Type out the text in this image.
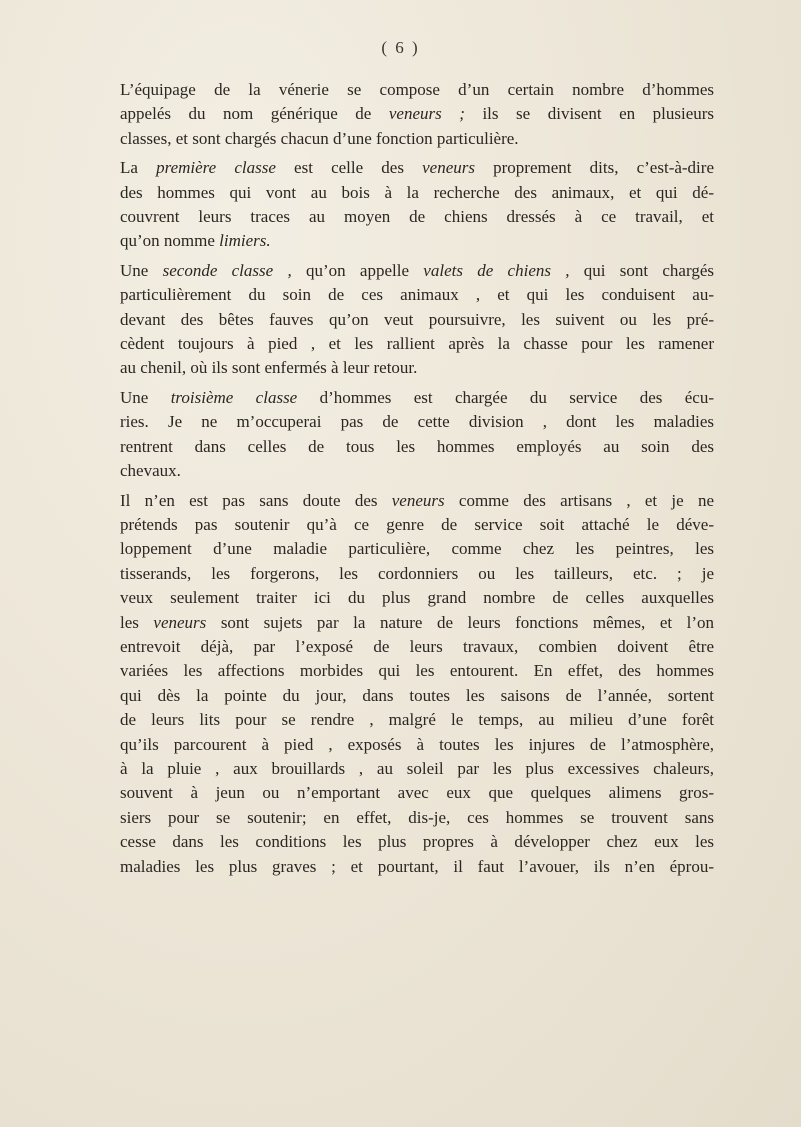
( 6 )
L’équipage de la vénerie se compose d’un certain nombre d’hommes
appelés du nom générique de veneurs ; ils se divisent en plusieurs
classes, et sont chargés chacun d’une fonction particulière.
La première classe est celle des veneurs proprement dits, c’est-à-dire
des hommes qui vont au bois à la recherche des animaux, et qui dé-
couvrent leurs traces au moyen de chiens dressés à ce travail, et
qu’on nomme limiers.
Une seconde classe , qu’on appelle valets de chiens , qui sont chargés
particulièrement du soin de ces animaux , et qui les conduisent au-
devant des bêtes fauves qu’on veut poursuivre, les suivent ou les pré-
cèdent toujours à pied , et les rallient après la chasse pour les ramener
au chenil, où ils sont enfermés à leur retour.
Une troisième classe d’hommes est chargée du service des écu-
ries. Je ne m’occuperai pas de cette division , dont les maladies
rentrent dans celles de tous les hommes employés au soin des
chevaux.
Il n’en est pas sans doute des veneurs comme des artisans , et je ne
prétends pas soutenir qu’à ce genre de service soit attaché le déve-
loppement d’une maladie particulière, comme chez les peintres, les
tisserands, les forgerons, les cordonniers ou les tailleurs, etc. ; je
veux seulement traiter ici du plus grand nombre de celles auxquelles
les veneurs sont sujets par la nature de leurs fonctions mêmes, et l’on
entrevoit déjà, par l’exposé de leurs travaux, combien doivent être
variées les affections morbides qui les entourent. En effet, des hommes
qui dès la pointe du jour, dans toutes les saisons de l’année, sortent
de leurs lits pour se rendre , malgré le temps, au milieu d’une forêt
qu’ils parcourent à pied , exposés à toutes les injures de l’atmosphère,
à la pluie , aux brouillards , au soleil par les plus excessives chaleurs,
souvent à jeun ou n’emportant avec eux que quelques alimens gros-
siers pour se soutenir; en effet, dis-je, ces hommes se trouvent sans
cesse dans les conditions les plus propres à développer chez eux les
maladies les plus graves ; et pourtant, il faut l’avouer, ils n’en éprou-
